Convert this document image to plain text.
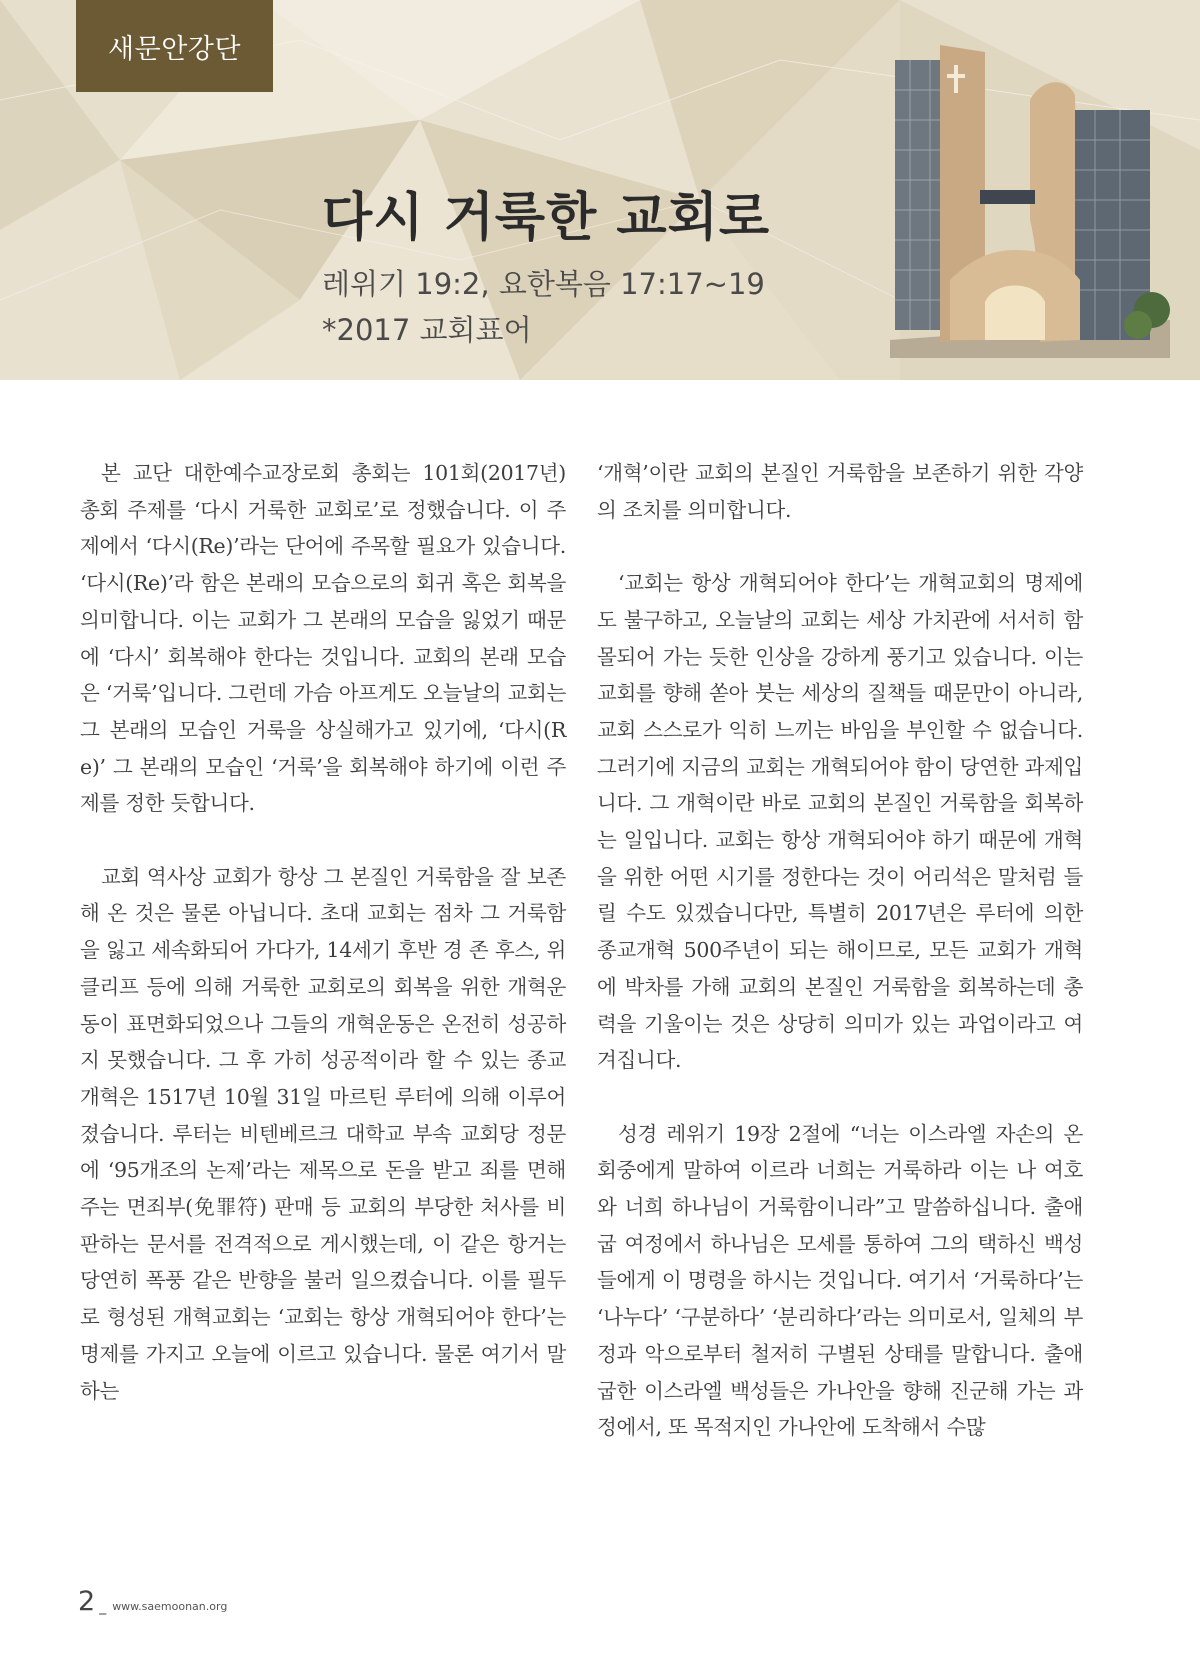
새문안강단
다시 거룩한 교회로
레위기 19:2, 요한복음 17:17~19
*2017 교회표어

본 교단 대한예수교장로회 총회는 101회(2017년) 총회 주제를 ‘다시 거룩한 교회로’로 정했습니다. 이 주제에서 ‘다시(Re)’라는 단어에 주목할 필요가 있습니다. ‘다시(Re)’라 함은 본래의 모습으로의 회귀 혹은 회복을 의미합니다. 이는 교회가 그 본래의 모습을 잃었기 때문에 ‘다시’ 회복해야 한다는 것입니다. 교회의 본래 모습은 ‘거룩’입니다. 그런데 가슴 아프게도 오늘날의 교회는 그 본래의 모습인 거룩을 상실해가고 있기에, ‘다시(Re)’ 그 본래의 모습인 ‘거룩’을 회복해야 하기에 이런 주제를 정한 듯합니다.

교회 역사상 교회가 항상 그 본질인 거룩함을 잘 보존해 온 것은 물론 아닙니다. 초대 교회는 점차 그 거룩함을 잃고 세속화되어 가다가, 14세기 후반 경 존 후스, 위클리프 등에 의해 거룩한 교회로의 회복을 위한 개혁운동이 표면화되었으나 그들의 개혁운동은 온전히 성공하지 못했습니다. 그 후 가히 성공적이라 할 수 있는 종교개혁은 1517년 10월 31일 마르틴 루터에 의해 이루어졌습니다. 루터는 비텐베르크 대학교 부속 교회당 정문에 ‘95개조의 논제’라는 제목으로 돈을 받고 죄를 면해주는 면죄부(免罪符) 판매 등 교회의 부당한 처사를 비판하는 문서를 전격적으로 게시했는데, 이 같은 항거는 당연히 폭풍 같은 반향을 불러 일으켰습니다. 이를 필두로 형성된 개혁교회는 ‘교회는 항상 개혁되어야 한다’는 명제를 가지고 오늘에 이르고 있습니다. 물론 여기서 말하는

‘개혁’이란 교회의 본질인 거룩함을 보존하기 위한 각양의 조치를 의미합니다.

‘교회는 항상 개혁되어야 한다’는 개혁교회의 명제에도 불구하고, 오늘날의 교회는 세상 가치관에 서서히 함몰되어 가는 듯한 인상을 강하게 풍기고 있습니다. 이는 교회를 향해 쏟아 붓는 세상의 질책들 때문만이 아니라, 교회 스스로가 익히 느끼는 바임을 부인할 수 없습니다. 그러기에 지금의 교회는 개혁되어야 함이 당연한 과제입니다. 그 개혁이란 바로 교회의 본질인 거룩함을 회복하는 일입니다. 교회는 항상 개혁되어야 하기 때문에 개혁을 위한 어떤 시기를 정한다는 것이 어리석은 말처럼 들릴 수도 있겠습니다만, 특별히 2017년은 루터에 의한 종교개혁 500주년이 되는 해이므로, 모든 교회가 개혁에 박차를 가해 교회의 본질인 거룩함을 회복하는데 총력을 기울이는 것은 상당히 의미가 있는 과업이라고 여겨집니다.

성경 레위기 19장 2절에 “너는 이스라엘 자손의 온 회중에게 말하여 이르라 너희는 거룩하라 이는 나 여호와 너희 하나님이 거룩함이니라”고 말씀하십니다. 출애굽 여정에서 하나님은 모세를 통하여 그의 택하신 백성들에게 이 명령을 하시는 것입니다. 여기서 ‘거룩하다’는 ‘나누다’ ‘구분하다’ ‘분리하다’라는 의미로서, 일체의 부정과 악으로부터 철저히 구별된 상태를 말합니다. 출애굽한 이스라엘 백성들은 가나안을 향해 진군해 가는 과정에서, 또 목적지인 가나안에 도착해서 수많

2 _ www.saemoonan.org
